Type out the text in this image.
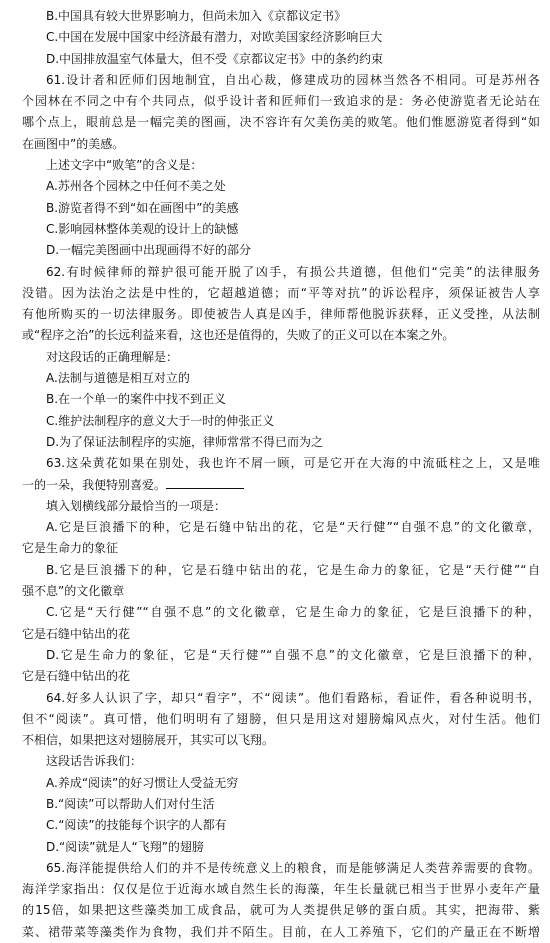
B.中国具有较大世界影响力，但尚未加入《京都议定书》
C.中国在发展中国家中经济最有潜力，对欧美国家经济影响巨大
D.中国排放温室气体量大，但不受《京都议定书》中的条约约束
61.设计者和匠师们因地制宜，自出心裁，修建成功的园林当然各不相同。可是苏州各
个园林在不同之中有个共同点，似乎设计者和匠师们一致追求的是：务必使游览者无论站在
哪个点上，眼前总是一幅完美的图画，决不容许有欠美伤美的败笔。他们惟愿游览者得到“如
在画图中”的美感。
上述文字中“败笔”的含义是：
A.苏州各个园林之中任何不美之处
B.游览者得不到“如在画图中”的美感
C.影响园林整体美观的设计上的缺憾
D.一幅完美图画中出现画得不好的部分
62.有时候律师的辩护很可能开脱了凶手，有损公共道德，但他们“完美”的法律服务
没错。因为法治之法是中性的，它超越道德；而“平等对抗”的诉讼程序，须保证被告人享
有他所购买的一切法律服务。即使被告人真是凶手，律师帮他脱诉获释，正义受挫，从法制
或“程序之治”的长远利益来看，这也还是值得的，失败了的正义可以在本案之外。
对这段话的正确理解是：
A.法制与道德是相互对立的
B.在一个单一的案件中找不到正义
C.维护法制程序的意义大于一时的伸张正义
D.为了保证法制程序的实施，律师常常不得已而为之
63.这朵黄花如果在别处，我也许不屑一顾，可是它开在大海的中流砥柱之上，又是唯
一的一朵，我便特别喜爱。
填入划横线部分最恰当的一项是：
A.它是巨浪播下的种，它是石缝中钻出的花，它是“天行健”“自强不息”的文化徽章，
它是生命力的象征
B.它是巨浪播下的种，它是石缝中钻出的花，它是生命力的象征，它是“天行健”“自
强不息”的文化徽章
C.它是“天行健”“自强不息”的文化徽章，它是生命力的象征，它是巨浪播下的种，
它是石缝中钻出的花
D.它是生命力的象征，它是“天行健”“自强不息”的文化徽章，它是巨浪播下的种，
它是石缝中钻出的花
64.好多人认识了字，却只“看字”，不“阅读”。他们看路标，看证件，看各种说明书，
但不“阅读”。真可惜，他们明明有了翅膀，但只是用这对翅膀煽风点火，对付生活。他们
不相信，如果把这对翅膀展开，其实可以飞翔。
这段话告诉我们：
A.养成“阅读”的好习惯让人受益无穷
B.“阅读”可以帮助人们对付生活
C.“阅读”的技能每个识字的人都有
D.“阅读”就是人“飞翔”的翅膀
65.海洋能提供给人们的并不是传统意义上的粮食，而是能够满足人类营养需要的食物。
海洋学家指出：仅仅是位于近海水域自然生长的海藻，年生长量就已相当于世界小麦年产量
的15倍，如果把这些藻类加工成食品，就可为人类提供足够的蛋白质。其实，把海带、紫
菜、裙带菜等藻类作为食物，我们并不陌生。目前，在人工养殖下，它们的产量正在不断增
